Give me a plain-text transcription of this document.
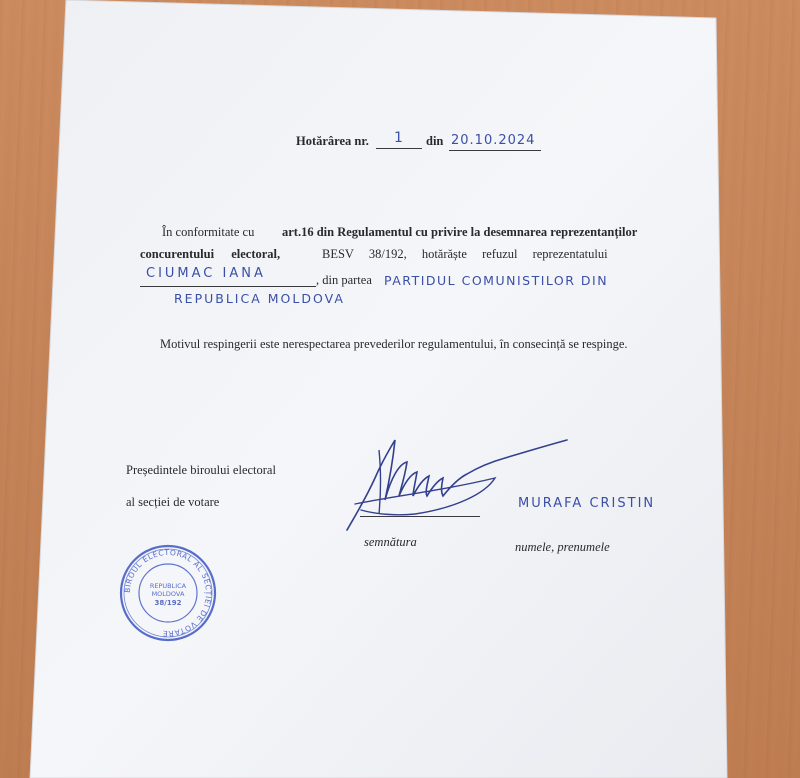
Hotărârea nr. 1 din 20.10.2024
În conformitate cu art.16 din Regulamentul cu privire la desemnarea reprezentanților
concurentului electoral,	BESV 38/192, hotărăște refuzul reprezentatului
CIUMAC IANA	, din partea PARTIDUL COMUNISTILOR DIN
REPUBLICA MOLDOVA
Motivul respingerii este nerespectarea prevederilor regulamentului, în consecință se respinge.
Președintele biroului electoral
al secției de votare
semnătura
MURAFA CRISTIN
numele, prenumele
BIROUL ELECTORAL AL SECȚIEI DE VOTARE
REPUBLICA
MOLDOVA
38/192
